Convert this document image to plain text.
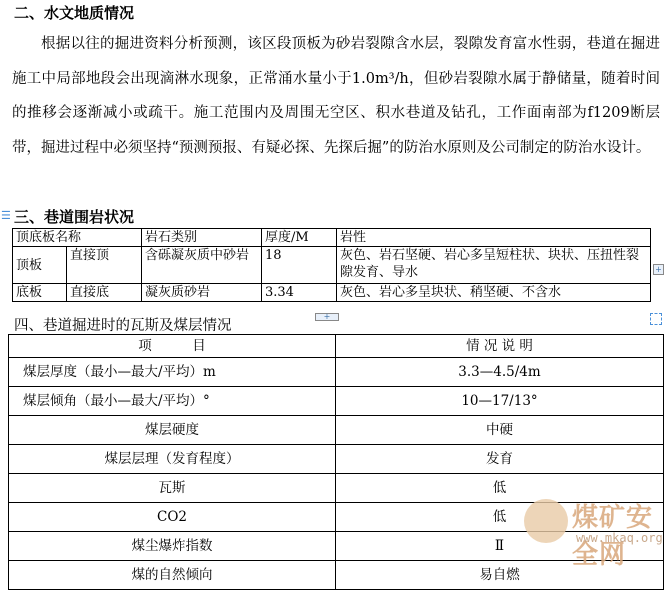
二、水文地质情况

根据以往的掘进资料分析预测，该区段顶板为砂岩裂隙含水层，裂隙发育富水性弱，巷道在掘进施工中局部地段会出现滴淋水现象，正常涌水量小于1.0m³/h，但砂岩裂隙水属于静储量，随着时间的推移会逐渐减小或疏干。施工范围内及周围无空区、积水巷道及钻孔，工作面南部为f1209断层带，掘进过程中必须坚持“预测预报、有疑必探、先探后掘”的防治水原则及公司制定的防治水设计。

☰ 三、巷道围岩状况
顶底板名称		岩石类别	厚度/M	岩性
顶板	直接顶	含砾凝灰质中砂岩	18	灰色、岩石坚硬、岩心多呈短柱状、块状、压扭性裂隙发育、导水
底板	直接底	凝灰质砂岩	3.34	灰色、岩心多呈块状、稍坚硬、不含水
+
+
四、巷道掘进时的瓦斯及煤层情况
项　　　目	情 况 说 明
煤层厚度（最小—最大/平均）m	3.3—4.5/4m
煤层倾角（最小—最大/平均）°	10—17/13°
煤层硬度	中硬
煤层层理（发育程度）	发育
瓦斯	低
CO2	低
煤尘爆炸指数	Ⅱ
煤的自然倾向	易自燃
煤矿安全网
www.mkaq.org
